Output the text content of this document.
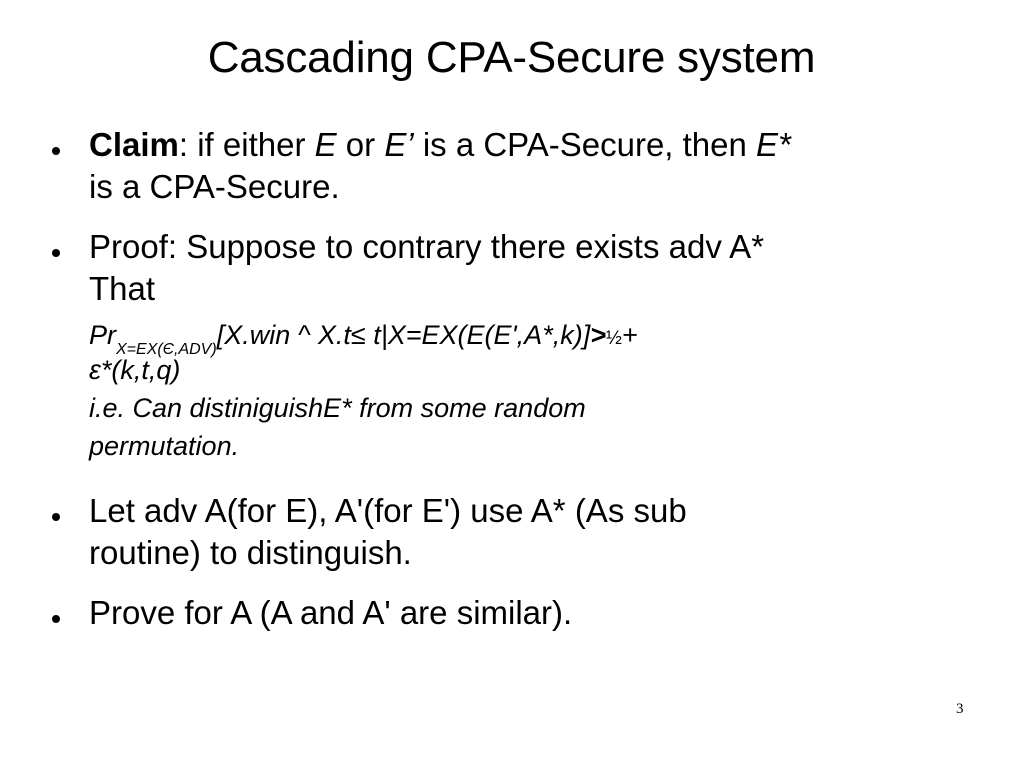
Cascading CPA-Secure system
Claim: if either E or E’ is a CPA-Secure, then E*
is a CPA-Secure.
Proof: Suppose to contrary there exists adv A*
That
$Pr_{X=EX(Є,ADV)}[X.win$ ^ X.t≤ t|X=EX(E(E',A*,k)]>½+
ε*(k,t,q)
i.e. Can distiniguishE* from some random
permutation.
Let adv A(for E), A'(for E') use A* (As sub
routine) to distinguish.
Prove for A (A and A' are similar).
3
